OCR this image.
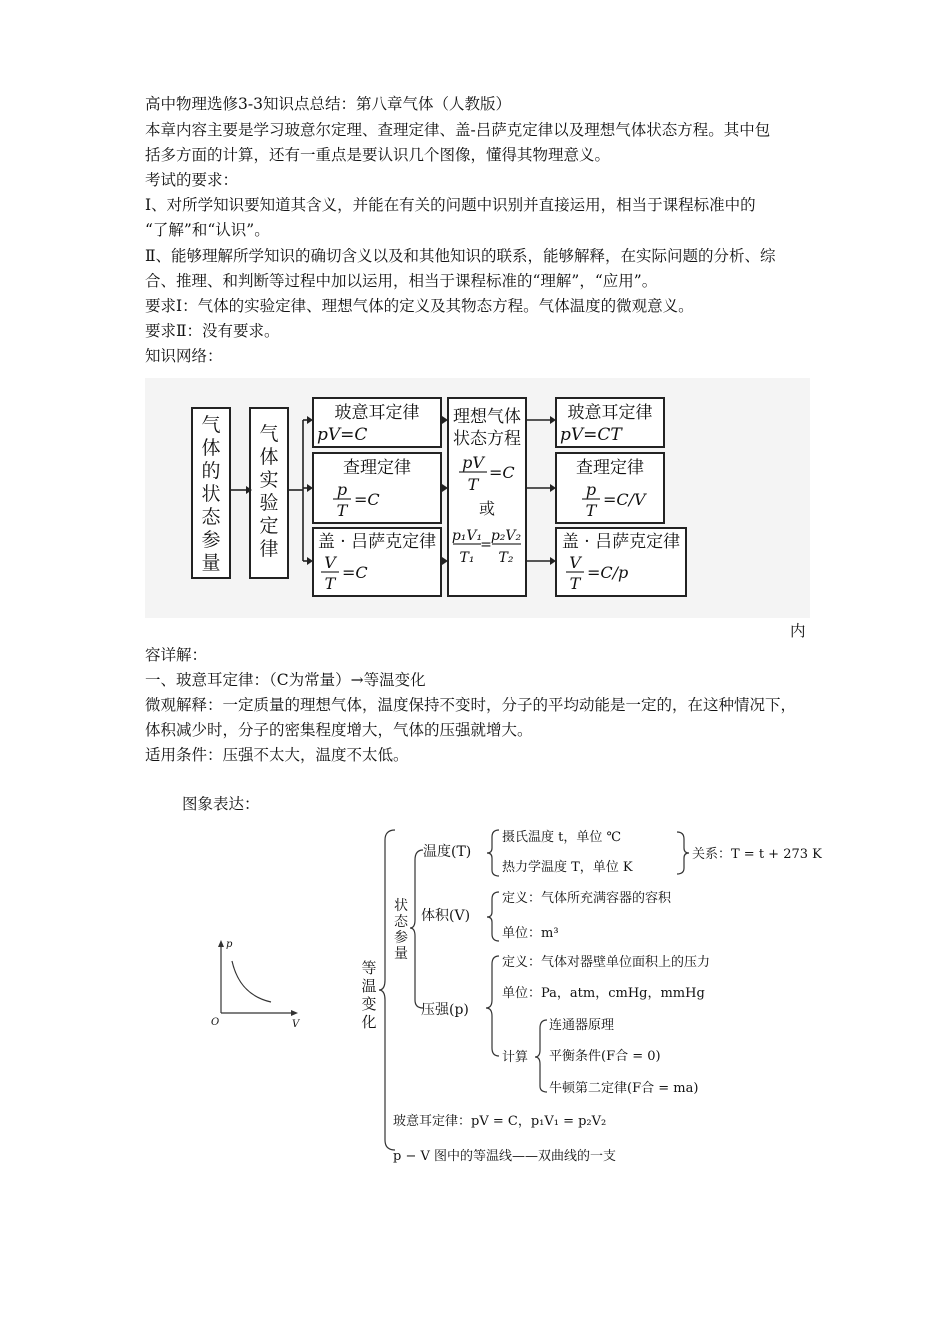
高中物理选修3-3知识点总结：第八章气体（人教版）
本章内容主要是学习玻意尔定理、查理定律、盖-吕萨克定律以及理想气体状态方程。其中包
括多方面的计算，还有一重点是要认识几个图像，懂得其物理意义。
考试的要求：
Ⅰ、对所学知识要知道其含义，并能在有关的问题中识别并直接运用，相当于课程标准中的
“了解”和“认识”。
Ⅱ、能够理解所学知识的确切含义以及和其他知识的联系，能够解释，在实际问题的分析、综
合、推理、和判断等过程中加以运用，相当于课程标准的“理解”，“应用”。
要求Ⅰ：气体的实验定律、理想气体的定义及其物态方程。气体温度的微观意义。
要求Ⅱ：没有要求。
知识网络：
气
体
的
状
态
参
量
气
体
实
验
定
律
玻意耳定律
pV=C
查理定律
p
T
=C
盖 · 吕萨克定律
V
T
=C
理想气体
状态方程
pV
T
=C
或
p₁V₁
T₁
=
p₂V₂
T₂
玻意耳定律
pV=CT
查理定律
p
T
=C/V
盖 · 吕萨克定律
V
T
=C/p
内
容详解：
一、玻意耳定律：（C为常量）→等温变化
微观解释：一定质量的理想气体，温度保持不变时，分子的平均动能是一定的，在这种情况下，
体积减少时，分子的密集程度增大，气体的压强就增大。
适用条件：压强不太大，温度不太低。
图象表达：
p
V
O
等
温
变
化
状
态
参
量
温度(T)
摄氏温度 t，单位 ℃
热力学温度 T，单位 K
关系：T = t + 273 K
体积(V)
定义：气体所充满容器的容积
单位：m³
压强(p)
定义：气体对器壁单位面积上的压力
单位：Pa，atm，cmHg，mmHg
计算
连通器原理
平衡条件(F合 = 0)
牛顿第二定律(F合 = ma)
玻意耳定律：pV = C，p₁V₁ = p₂V₂
p − V 图中的等温线——双曲线的一支
